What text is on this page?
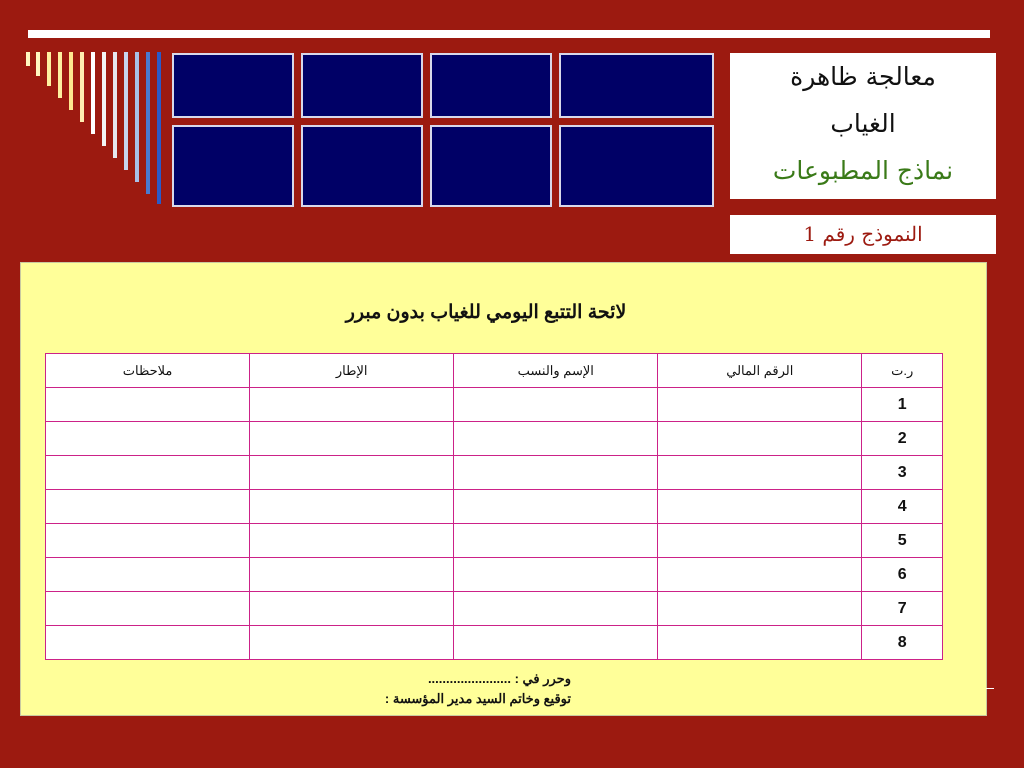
معالجة ظاهرة
الغياب
نماذج المطبوعات
النموذج رقم 1
لائحة التتبع اليومي للغياب بدون مبرر
ر.ت	الرقم المالي	الإسم والنسب	الإطار	ملاحظات
1				
2				
3				
4				
5				
6				
7				
8				
وحرر في : .......................
توقيع وخاتم السيد مدير المؤسسة :
